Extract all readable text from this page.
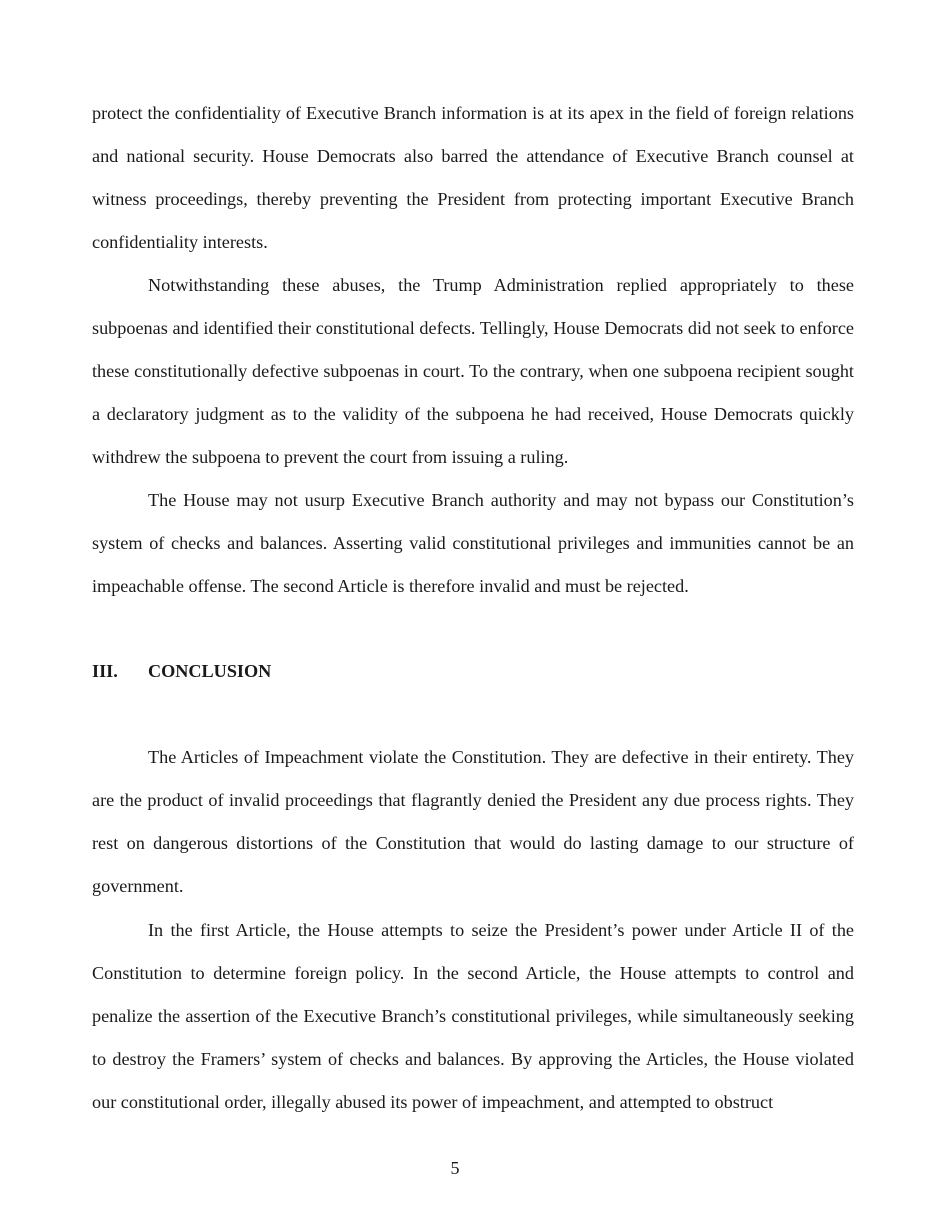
protect the confidentiality of Executive Branch information is at its apex in the field of foreign relations and national security. House Democrats also barred the attendance of Executive Branch counsel at witness proceedings, thereby preventing the President from protecting important Executive Branch confidentiality interests.

Notwithstanding these abuses, the Trump Administration replied appropriately to these subpoenas and identified their constitutional defects. Tellingly, House Democrats did not seek to enforce these constitutionally defective subpoenas in court. To the contrary, when one subpoena recipient sought a declaratory judgment as to the validity of the subpoena he had received, House Democrats quickly withdrew the subpoena to prevent the court from issuing a ruling.

The House may not usurp Executive Branch authority and may not bypass our Constitution’s system of checks and balances. Asserting valid constitutional privileges and immunities cannot be an impeachable offense. The second Article is therefore invalid and must be rejected.

III. CONCLUSION

The Articles of Impeachment violate the Constitution. They are defective in their entirety. They are the product of invalid proceedings that flagrantly denied the President any due process rights. They rest on dangerous distortions of the Constitution that would do lasting damage to our structure of government.

In the first Article, the House attempts to seize the President’s power under Article II of the Constitution to determine foreign policy. In the second Article, the House attempts to control and penalize the assertion of the Executive Branch’s constitutional privileges, while simultaneously seeking to destroy the Framers’ system of checks and balances. By approving the Articles, the House violated our constitutional order, illegally abused its power of impeachment, and attempted to obstruct

5
